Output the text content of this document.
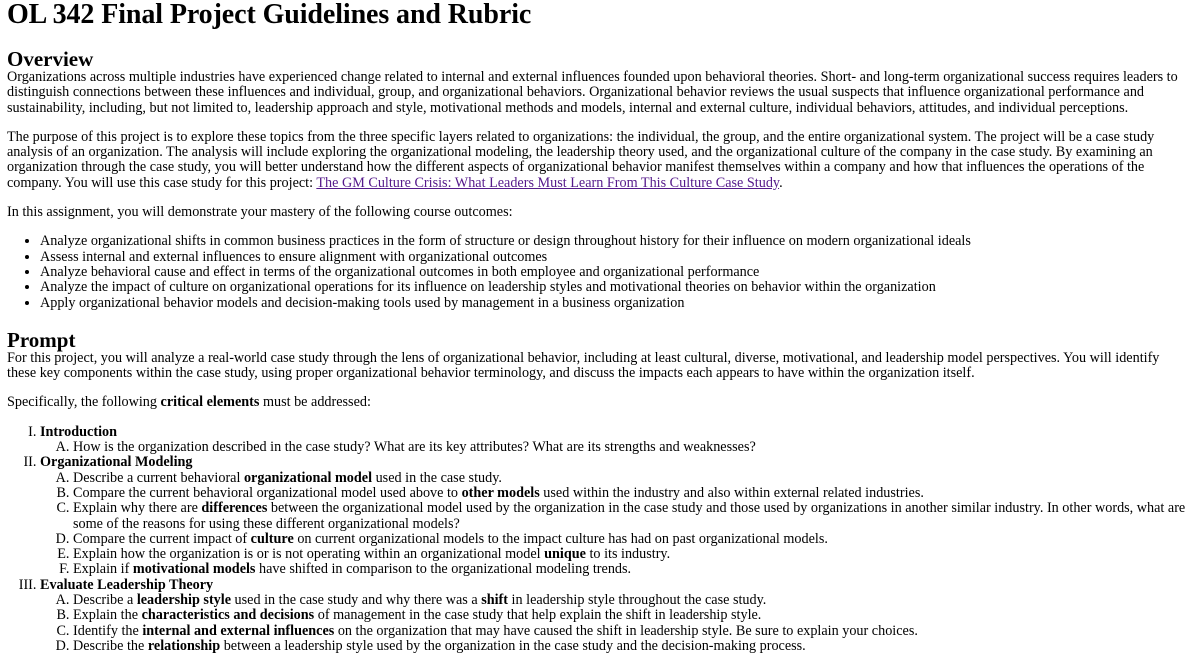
OL 342 Final Project Guidelines and Rubric
Overview

Organizations across multiple industries have experienced change related to internal and external influences founded upon behavioral theories. Short- and long-term organizational success requires leaders to distinguish connections between these influences and individual, group, and organizational behaviors. Organizational behavior reviews the usual suspects that influence organizational performance and sustainability, including, but not limited to, leadership approach and style, motivational methods and models, internal and external culture, individual behaviors, attitudes, and individual perceptions.

The purpose of this project is to explore these topics from the three specific layers related to organizations: the individual, the group, and the entire organizational system. The project will be a case study analysis of an organization. The analysis will include exploring the organizational modeling, the leadership theory used, and the organizational culture of the company in the case study. By examining an organization through the case study, you will better understand how the different aspects of organizational behavior manifest themselves within a company and how that influences the operations of the company. You will use this case study for this project: The GM Culture Crisis: What Leaders Must Learn From This Culture Case Study.

In this assignment, you will demonstrate your mastery of the following course outcomes:

• Analyze organizational shifts in common business practices in the form of structure or design throughout history for their influence on modern organizational ideals
• Assess internal and external influences to ensure alignment with organizational outcomes
• Analyze behavioral cause and effect in terms of the organizational outcomes in both employee and organizational performance
• Analyze the impact of culture on organizational operations for its influence on leadership styles and motivational theories on behavior within the organization
• Apply organizational behavior models and decision-making tools used by management in a business organization
Prompt

For this project, you will analyze a real-world case study through the lens of organizational behavior, including at least cultural, diverse, motivational, and leadership model perspectives. You will identify these key components within the case study, using proper organizational behavior terminology, and discuss the impacts each appears to have within the organization itself.

Specifically, the following critical elements must be addressed:

I. Introduction
A. How is the organization described in the case study? What are its key attributes? What are its strengths and weaknesses?
II. Organizational Modeling
A. Describe a current behavioral organizational model used in the case study.
B. Compare the current behavioral organizational model used above to other models used within the industry and also within external related industries.
C. Explain why there are differences between the organizational model used by the organization in the case study and those used by organizations in another similar industry. In other words, what are some of the reasons for using these different organizational models?
D. Compare the current impact of culture on current organizational models to the impact culture has had on past organizational models.
E. Explain how the organization is or is not operating within an organizational model unique to its industry.
F. Explain if motivational models have shifted in comparison to the organizational modeling trends.
III. Evaluate Leadership Theory
A. Describe a leadership style used in the case study and why there was a shift in leadership style throughout the case study.
B. Explain the characteristics and decisions of management in the case study that help explain the shift in leadership style.
C. Identify the internal and external influences on the organization that may have caused the shift in leadership style. Be sure to explain your choices.
D. Describe the relationship between a leadership style used by the organization in the case study and the decision-making process.
